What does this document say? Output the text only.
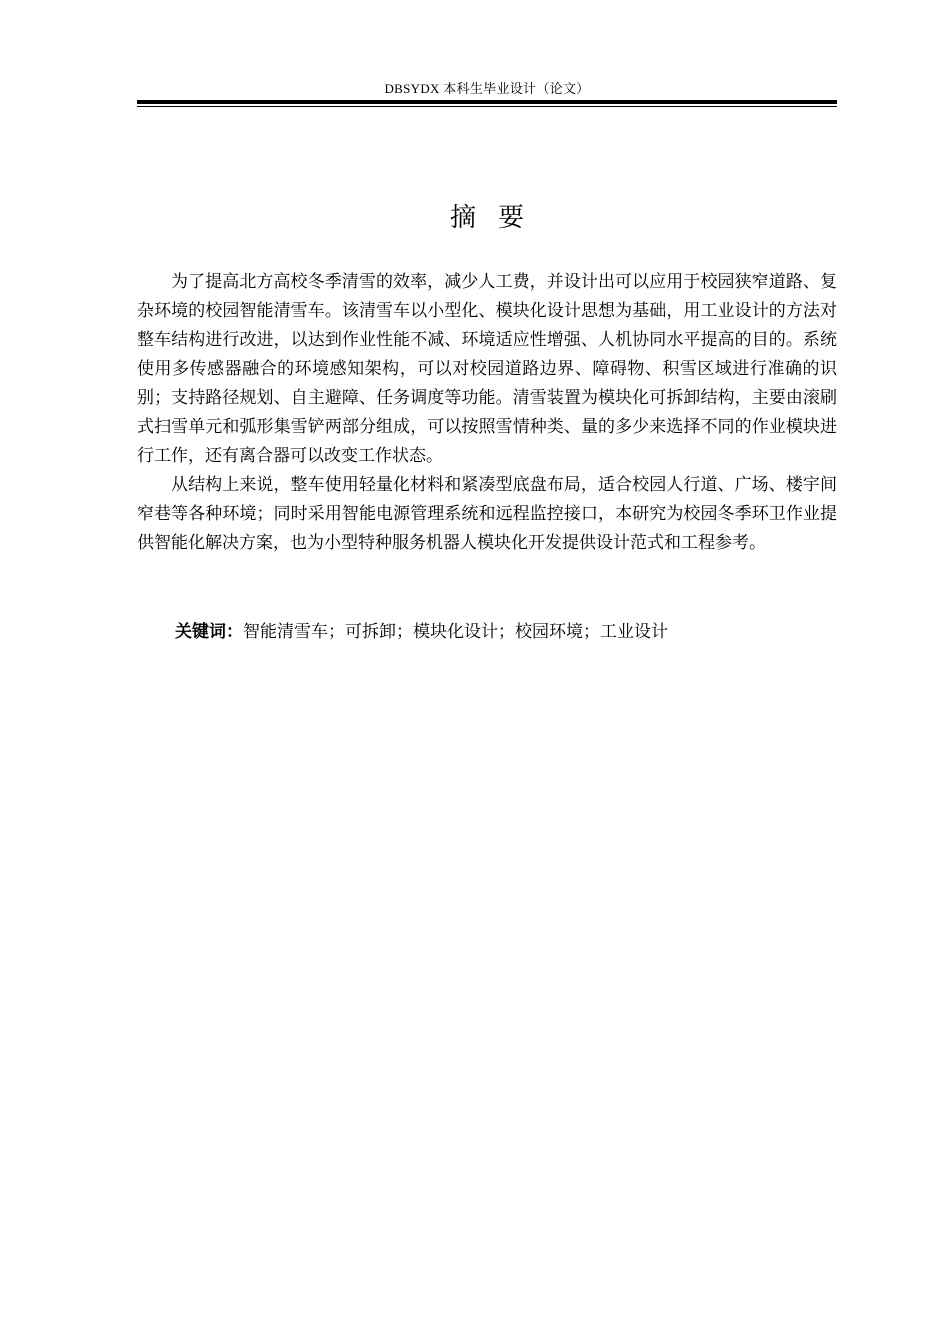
DBSYDX 本科生毕业设计（论文）
摘要

为了提高北方高校冬季清雪的效率，减少人工费，并设计出可以应用于校园狭窄道路、复杂环境的校园智能清雪车。该清雪车以小型化、模块化设计思想为基础，用工业设计的方法对整车结构进行改进，以达到作业性能不减、环境适应性增强、人机协同水平提高的目的。系统使用多传感器融合的环境感知架构，可以对校园道路边界、障碍物、积雪区域进行准确的识别；支持路径规划、自主避障、任务调度等功能。清雪装置为模块化可拆卸结构，主要由滚刷式扫雪单元和弧形集雪铲两部分组成，可以按照雪情种类、量的多少来选择不同的作业模块进行工作，还有离合器可以改变工作状态。

从结构上来说，整车使用轻量化材料和紧凑型底盘布局，适合校园人行道、广场、楼宇间窄巷等各种环境；同时采用智能电源管理系统和远程监控接口，本研究为校园冬季环卫作业提供智能化解决方案，也为小型特种服务机器人模块化开发提供设计范式和工程参考。

关键词：智能清雪车；可拆卸；模块化设计；校园环境；工业设计
